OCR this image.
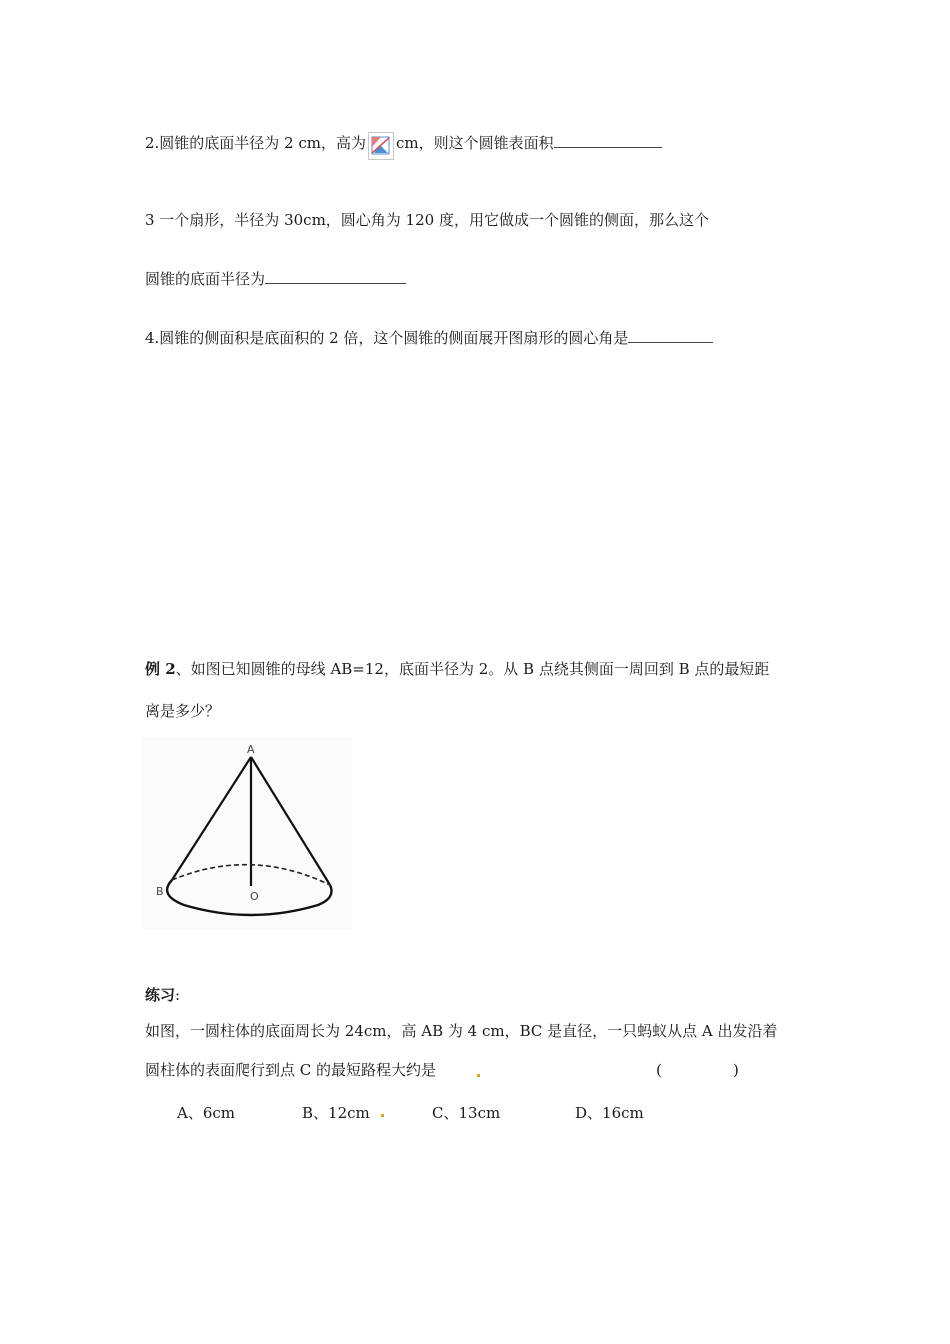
2.圆锥的底面半径为 2 cm，高为 cm，则这个圆锥表面积
3 一个扇形，半径为 30cm，圆心角为 120 度，用它做成一个圆锥的侧面，那么这个
圆锥的底面半径为
4.圆锥的侧面积是底面积的 2 倍，这个圆锥的侧面展开图扇形的圆心角是
例 2、如图已知圆锥的母线 AB=12，底面半径为 2。从 B 点绕其侧面一周回到 B 点的最短距
离是多少？
A
B	O
练习:
如图，一圆柱体的底面周长为 24cm，高 AB 为 4 cm，BC 是直径，一只蚂蚁从点 A 出发沿着
圆柱体的表面爬行到点 C 的最短路程大约是	(	)
A、6cm	B、12cm	C、13cm	D、16cm
